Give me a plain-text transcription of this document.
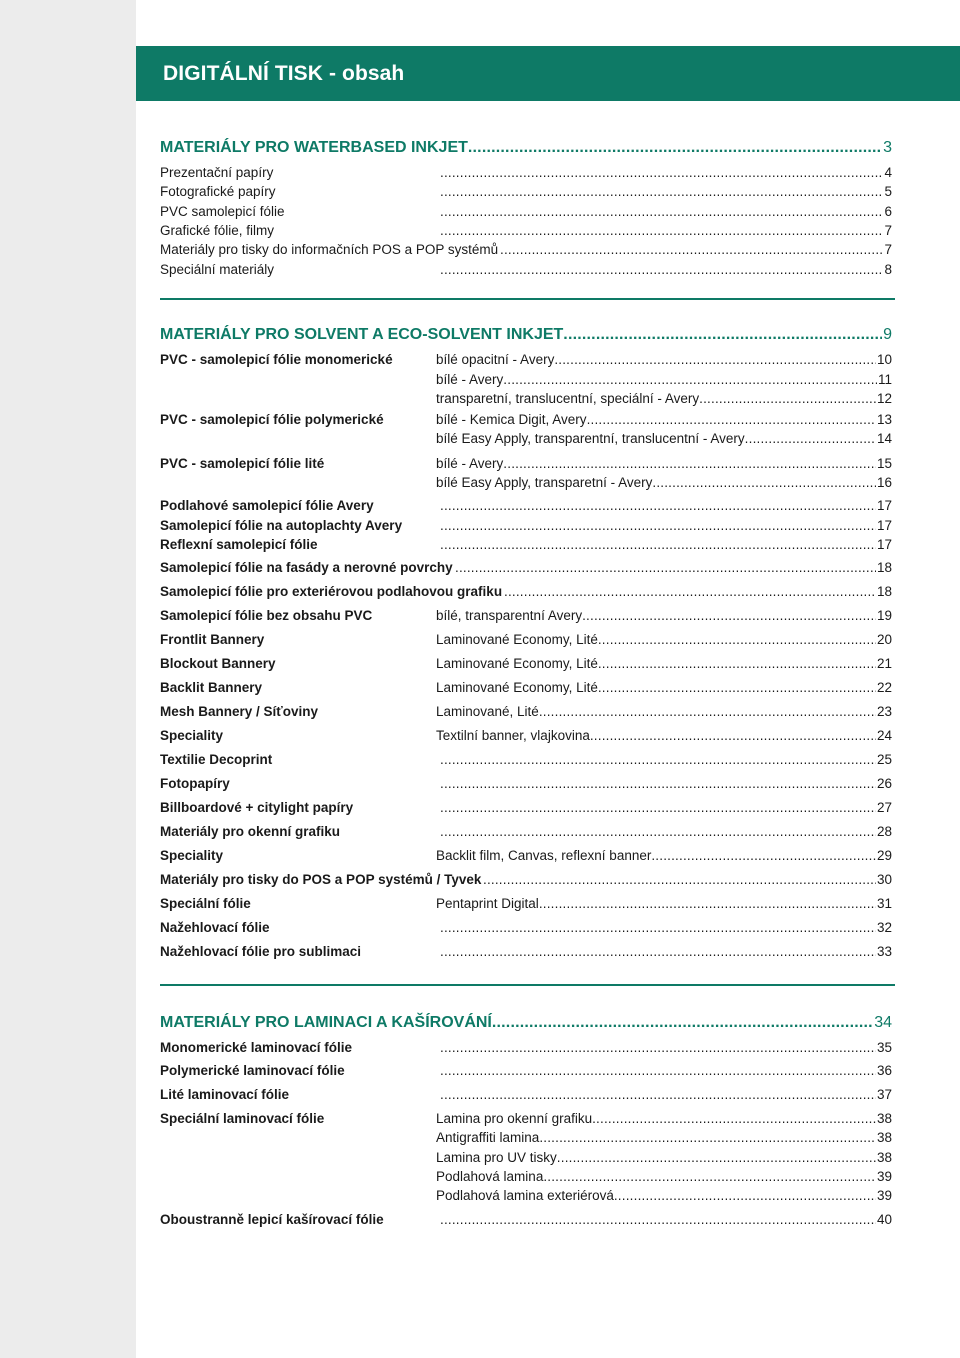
DIGITÁLNÍ TISK - obsah
MATERIÁLY PRO WATERBASED INKJET .....	3
Prezentační papíry .....	4
Fotografické papíry .....	5
PVC samolepicí fólie .....	6
Grafické fólie, filmy .....	7
Materiály pro tisky do informačních POS a POP systémů .....	7
Speciální materiály .....	8
MATERIÁLY PRO SOLVENT A ECO-SOLVENT INKJET .....	9
PVC - samolepicí fólie monomerické	bílé opacitní - Avery .....	10
bílé - Avery .....	11
transparetní, translucentní, speciální - Avery .....	12
PVC - samolepicí fólie polymerické	bílé - Kemica Digit, Avery .....	13
bílé Easy Apply, transparentní, translucentní - Avery .....	14
PVC - samolepicí fólie lité	bílé - Avery .....	15
bílé Easy Apply, transparetní - Avery .....	16
Podlahové samolepicí fólie Avery .....	17
Samolepicí fólie na autoplachty Avery .....	17
Reflexní samolepicí fólie .....	17
Samolepicí fólie na fasády a nerovné povrchy .....	18
Samolepicí fólie pro exteriérovou podlahovou grafiku .....	18
Samolepicí fólie bez obsahu PVC	bílé, transparentní Avery .....	19
Frontlit Bannery	Laminované Economy, Lité .....	20
Blockout Bannery	Laminované Economy, Lité .....	21
Backlit Bannery	Laminované Economy, Lité .....	22
Mesh Bannery / Síťoviny	Laminované, Lité .....	23
Speciality	Textilní banner, vlajkovina .....	24
Textilie Decoprint .....	25
Fotopapíry .....	26
Billboardové + citylight papíry .....	27
Materiály pro okenní grafiku .....	28
Speciality	Backlit film, Canvas, reflexní banner .....	29
Materiály pro tisky do POS a POP systémů / Tyvek .....	30
Speciální fólie	Pentaprint Digital .....	31
Nažehlovací fólie .....	32
Nažehlovací fólie pro sublimaci .....	33
MATERIÁLY PRO LAMINACI A KAŠÍROVÁNÍ .....	34
Monomerické laminovací fólie .....	35
Polymerické laminovací fólie .....	36
Lité laminovací fólie .....	37
Speciální laminovací fólie	Lamina pro okenní grafiku .....	38
Antigraffiti lamina .....	38
Lamina pro UV tisky .....	38
Podlahová lamina .....	39
Podlahová lamina exteriérová .....	39
Oboustranně lepicí kašírovací fólie .....	40
